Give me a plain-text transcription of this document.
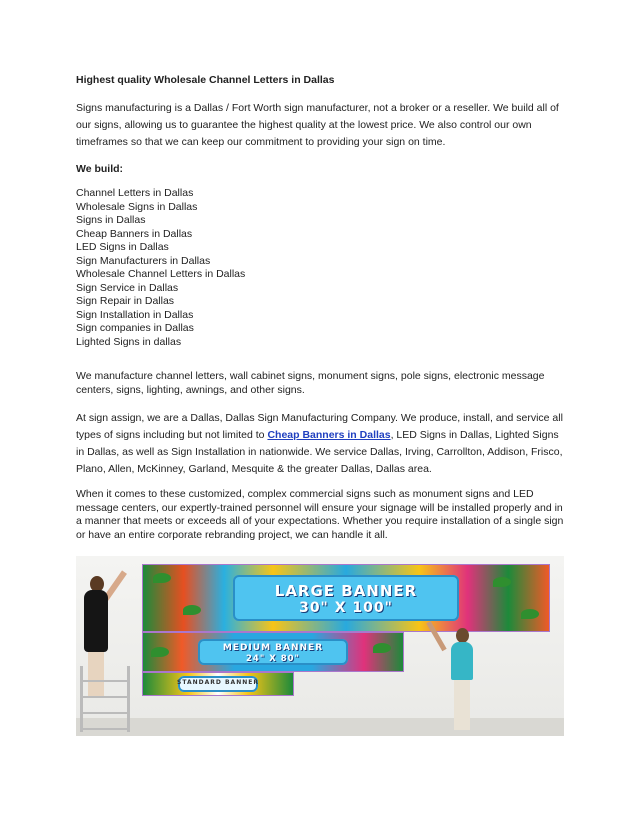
Highest quality Wholesale Channel Letters in Dallas

Signs manufacturing is a Dallas / Fort Worth sign manufacturer, not a broker or a reseller. We build all of our signs, allowing us to guarantee the highest quality at the lowest price. We also control our own timeframes so that we can keep our commitment to providing your sign on time.

We build:
Channel Letters in Dallas
Wholesale Signs in Dallas
Signs in Dallas
Cheap Banners in Dallas
LED Signs in Dallas
Sign Manufacturers in Dallas
Wholesale Channel Letters in Dallas
Sign Service in Dallas
Sign Repair in Dallas
Sign Installation in Dallas
Sign companies in Dallas
Lighted Signs in dallas

We manufacture channel letters, wall cabinet signs, monument signs, pole signs, electronic message centers, signs, lighting, awnings, and other signs.

At sign assign, we are a Dallas, Dallas Sign Manufacturing Company. We produce, install, and service all types of signs including but not limited to Cheap Banners in Dallas, LED Signs in Dallas, Lighted Signs in Dallas, as well as Sign Installation in nationwide. We service Dallas, Irving, Carrollton, Addison, Frisco, Plano, Allen, McKinney, Garland, Mesquite & the greater Dallas, Dallas area.

When it comes to these customized, complex commercial signs such as monument signs and LED message centers, our expertly-trained personnel will ensure your signage will be installed properly and in a manner that meets or exceeds all of your expectations. Whether you require installation of a single sign or have an entire corporate rebranding project, we can handle it all.

LARGE BANNER
30" X 100"
MEDIUM BANNER
24" X 80"
STANDARD BANNER
